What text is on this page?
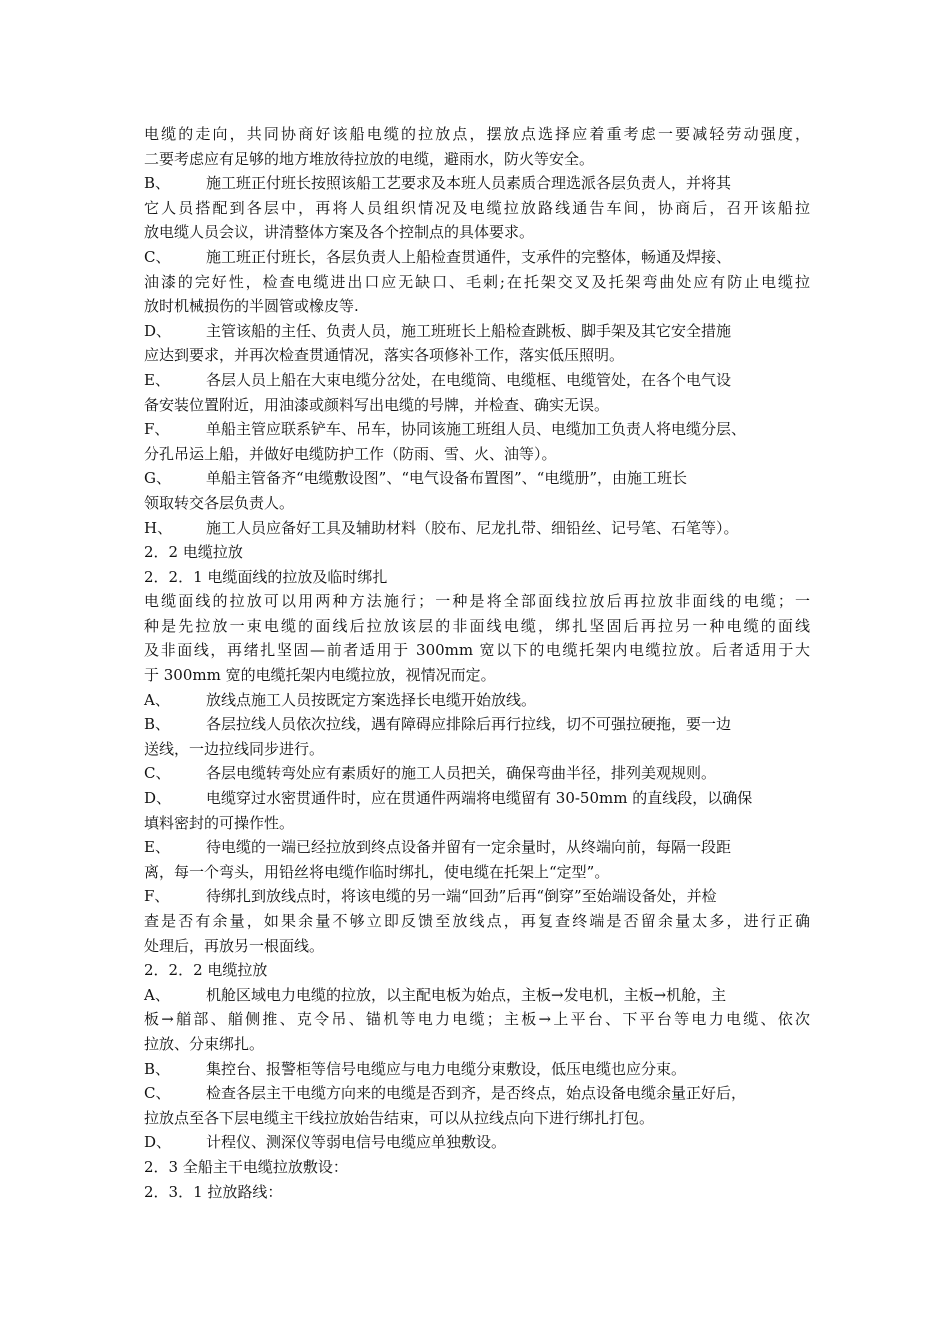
电缆的走向，共同协商好该船电缆的拉放点，摆放点选择应着重考虑一要减轻劳动强度，
二要考虑应有足够的地方堆放待拉放的电缆，避雨水，防火等安全。
B、 施工班正付班长按照该船工艺要求及本班人员素质合理选派各层负责人，并将其
它人员搭配到各层中，再将人员组织情况及电缆拉放路线通告车间，协商后，召开该船拉
放电缆人员会议，讲清整体方案及各个控制点的具体要求。
C、 施工班正付班长，各层负责人上船检查贯通件，支承件的完整体，畅通及焊接、
油漆的完好性，检查电缆进出口应无缺口、毛刺;在托架交叉及托架弯曲处应有防止电缆拉
放时机械损伤的半圆管或橡皮等.
D、 主管该船的主任、负责人员，施工班班长上船检查跳板、脚手架及其它安全措施
应达到要求，并再次检查贯通情况，落实各项修补工作，落实低压照明。
E、 各层人员上船在大束电缆分岔处，在电缆筒、电缆框、电缆管处，在各个电气设
备安装位置附近，用油漆或颜料写出电缆的号牌，并检查、确实无误。
F、 单船主管应联系铲车、吊车，协同该施工班组人员、电缆加工负责人将电缆分层、
分孔吊运上船，并做好电缆防护工作（防雨、雪、火、油等）。
G、 单船主管备齐“电缆敷设图”、“电气设备布置图”、“电缆册”，由施工班长
领取转交各层负责人。
H、 施工人员应备好工具及辅助材料（胶布、尼龙扎带、细铅丝、记号笔、石笔等）。
2．2 电缆拉放
2．2．1 电缆面线的拉放及临时绑扎
电缆面线的拉放可以用两种方法施行；一种是将全部面线拉放后再拉放非面线的电缆；一
种是先拉放一束电缆的面线后拉放该层的非面线电缆，绑扎坚固后再拉另一种电缆的面线
及非面线，再绪扎坚固—前者适用于 300mm 宽以下的电缆托架内电缆拉放。后者适用于大
于 300mm 宽的电缆托架内电缆拉放，视情况而定。
A、 放线点施工人员按既定方案选择长电缆开始放线。
B、 各层拉线人员依次拉线，遇有障碍应排除后再行拉线，切不可强拉硬拖，要一边
送线，一边拉线同步进行。
C、 各层电缆转弯处应有素质好的施工人员把关，确保弯曲半径，排列美观规则。
D、 电缆穿过水密贯通件时，应在贯通件两端将电缆留有 30-50mm 的直线段，以确保
填料密封的可操作性。
E、 待电缆的一端已经拉放到终点设备并留有一定余量时，从终端向前，每隔一段距
离，每一个弯头，用铅丝将电缆作临时绑扎，使电缆在托架上“定型”。
F、 待绑扎到放线点时，将该电缆的另一端“回劲”后再“倒穿”至始端设备处，并检
查是否有余量，如果余量不够立即反馈至放线点，再复查终端是否留余量太多，进行正确
处理后，再放另一根面线。
2．2．2 电缆拉放
A、 机舱区域电力电缆的拉放，以主配电板为始点，主板→发电机，主板→机舱，主
板→艏部、艏侧推、克令吊、锚机等电力电缆；主板→上平台、下平台等电力电缆、依次
拉放、分束绑扎。
B、 集控台、报警柜等信号电缆应与电力电缆分束敷设，低压电缆也应分束。
C、 检查各层主干电缆方向来的电缆是否到齐，是否终点，始点设备电缆余量正好后，
拉放点至各下层电缆主干线拉放始告结束，可以从拉线点向下进行绑扎打包。
D、 计程仪、测深仪等弱电信号电缆应单独敷设。
2．3 全船主干电缆拉放敷设：
2．3．1 拉放路线：
